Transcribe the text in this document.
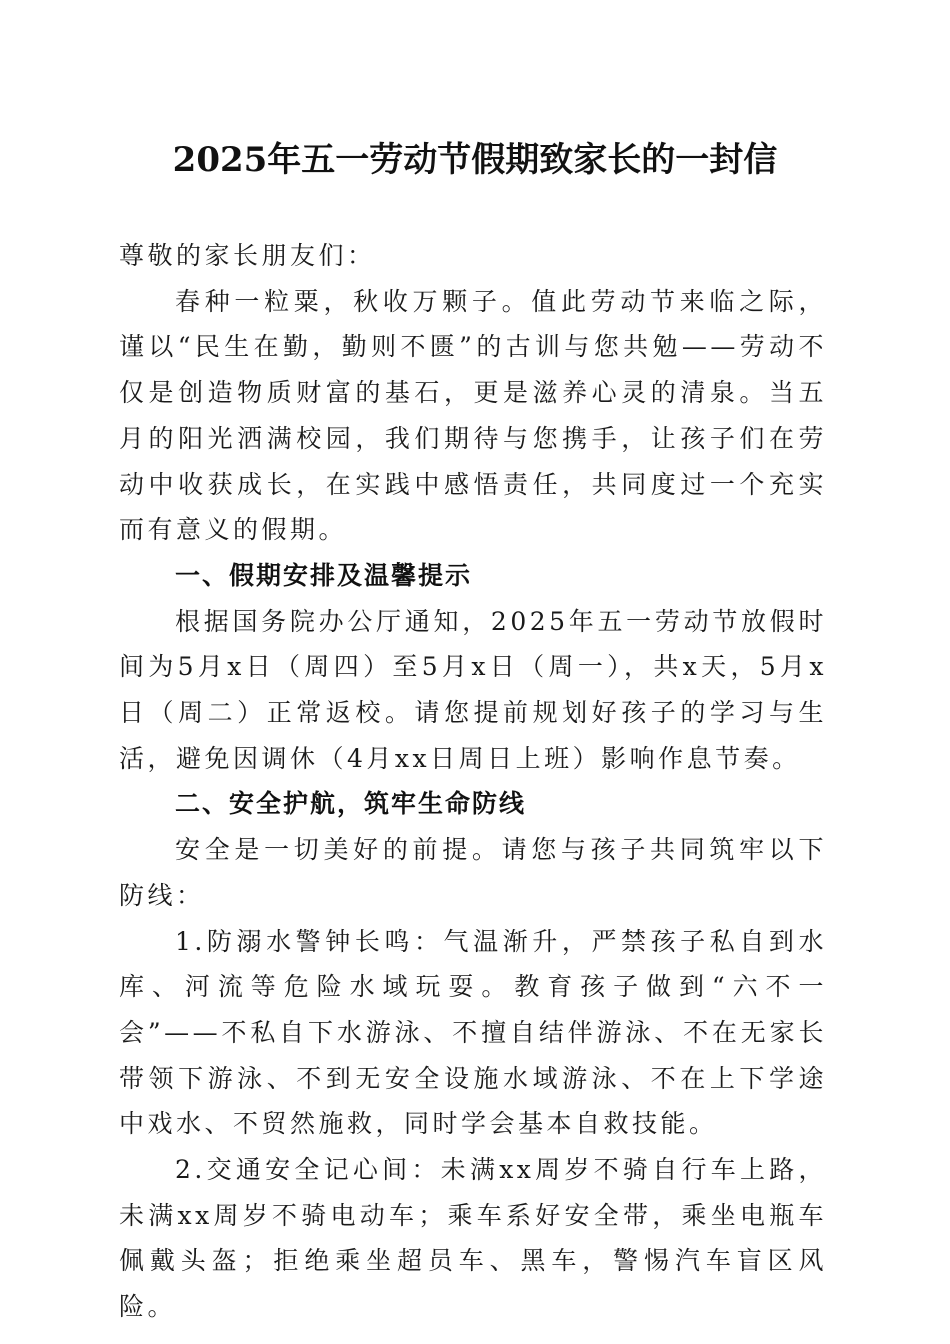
2025年五一劳动节假期致家长的一封信

尊敬的家长朋友们：

春种一粒粟，秋收万颗子。值此劳动节来临之际，谨以“民生在勤，勤则不匮”的古训与您共勉——劳动不仅是创造物质财富的基石，更是滋养心灵的清泉。当五月的阳光洒满校园，我们期待与您携手，让孩子们在劳动中收获成长，在实践中感悟责任，共同度过一个充实而有意义的假期。

一、假期安排及温馨提示

根据国务院办公厅通知，2025年五一劳动节放假时间为5月x日（周四）至5月x日（周一），共x天，5月x日（周二）正常返校。请您提前规划好孩子的学习与生活，避免因调休（4月xx日周日上班）影响作息节奏。

二、安全护航，筑牢生命防线

安全是一切美好的前提。请您与孩子共同筑牢以下防线：

1.防溺水警钟长鸣：气温渐升，严禁孩子私自到水库、河流等危险水域玩耍。教育孩子做到“六不一会”——不私自下水游泳、不擅自结伴游泳、不在无家长带领下游泳、不到无安全设施水域游泳、不在上下学途中戏水、不贸然施救，同时学会基本自救技能。

2.交通安全记心间：未满xx周岁不骑自行车上路，未满xx周岁不骑电动车；乘车系好安全带，乘坐电瓶车佩戴头盔；拒绝乘坐超员车、黑车，警惕汽车盲区风险。
